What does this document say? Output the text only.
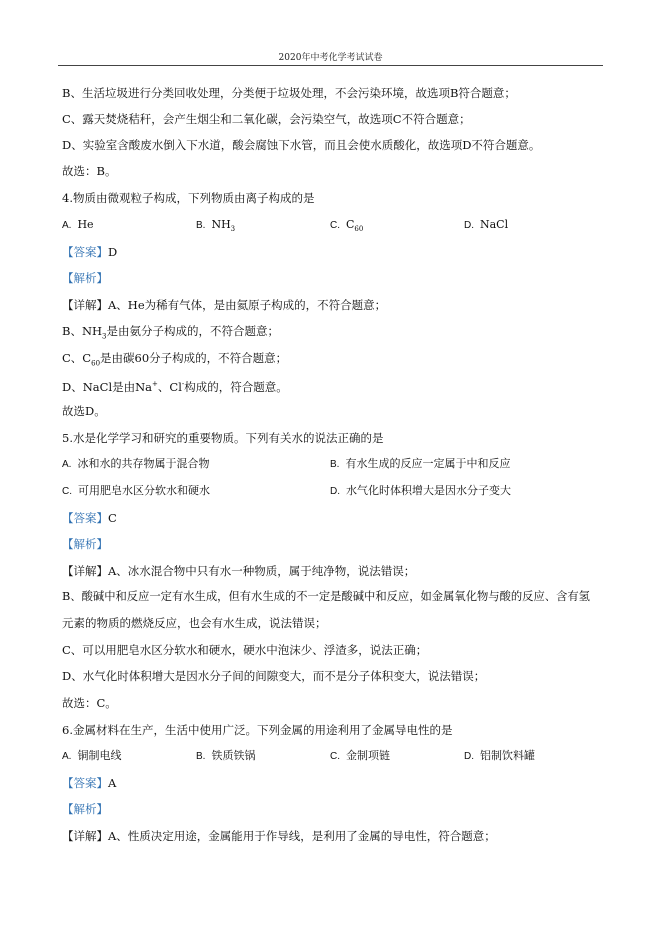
2020年中考化学考试试卷
B、生活垃圾进行分类回收处理，分类便于垃圾处理，不会污染环境，故选项B符合题意；
C、露天焚烧秸秆，会产生烟尘和二氧化碳，会污染空气，故选项C不符合题意；
D、实验室含酸废水倒入下水道，酸会腐蚀下水管，而且会使水质酸化，故选项D不符合题意。
故选：B。
4.物质由微观粒子构成，下列物质由离子构成的是
A. He	B. $NH_3$	C. $C_{60}$	D. NaCl
【答案】D
【解析】
【详解】A、He为稀有气体，是由氦原子构成的，不符合题意；
B、$NH_3$是由氨分子构成的，不符合题意；
C、$C_{60}$是由碳60分子构成的，不符合题意；
D、NaCl是由Na+、Cl-构成的，符合题意。
故选D。
5.水是化学学习和研究的重要物质。下列有关水的说法正确的是
A. 冰和水的共存物属于混合物	B. 有水生成的反应一定属于中和反应
C. 可用肥皂水区分软水和硬水	D. 水气化时体积增大是因水分子变大
【答案】C
【解析】
【详解】A、冰水混合物中只有水一种物质，属于纯净物，说法错误；
B、酸碱中和反应一定有水生成，但有水生成的不一定是酸碱中和反应，如金属氧化物与酸的反应、含有氢
元素的物质的燃烧反应，也会有水生成，说法错误；
C、可以用肥皂水区分软水和硬水，硬水中泡沫少、浮渣多，说法正确；
D、水气化时体积增大是因水分子间的间隙变大，而不是分子体积变大，说法错误；
故选：C。
6.金属材料在生产，生活中使用广泛。下列金属的用途利用了金属导电性的是
A. 铜制电线	B. 铁质铁锅	C. 金制项链	D. 铝制饮料罐
【答案】A
【解析】
【详解】A、性质决定用途，金属能用于作导线，是利用了金属的导电性，符合题意；
